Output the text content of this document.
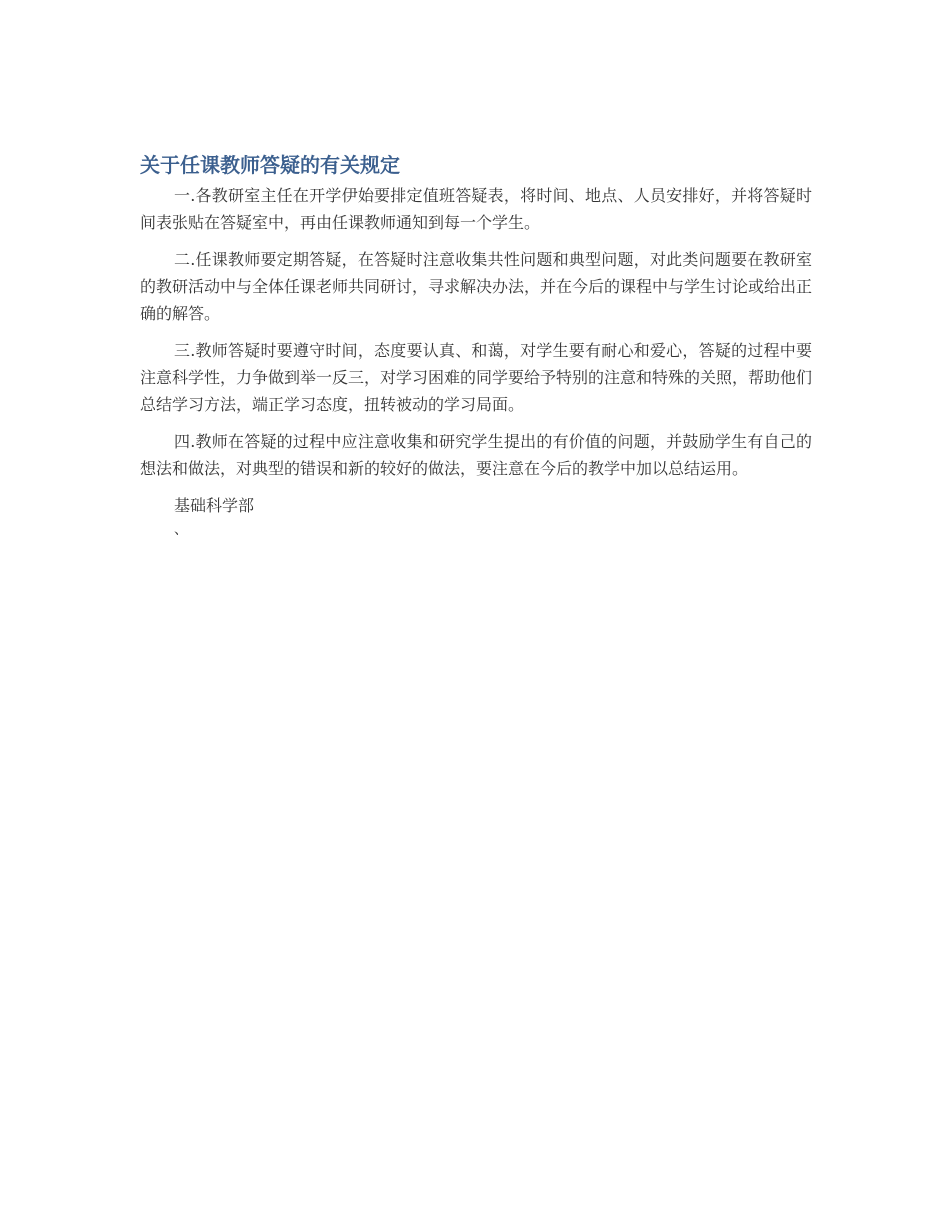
关于任课教师答疑的有关规定

一.各教研室主任在开学伊始要排定值班答疑表，将时间、地点、人员安排好，并将答疑时间表张贴在答疑室中，再由任课教师通知到每一个学生。

二.任课教师要定期答疑，在答疑时注意收集共性问题和典型问题，对此类问题要在教研室的教研活动中与全体任课老师共同研讨，寻求解决办法，并在今后的课程中与学生讨论或给出正确的解答。

三.教师答疑时要遵守时间，态度要认真、和蔼，对学生要有耐心和爱心，答疑的过程中要注意科学性，力争做到举一反三，对学习困难的同学要给予特别的注意和特殊的关照，帮助他们总结学习方法，端正学习态度，扭转被动的学习局面。

四.教师在答疑的过程中应注意收集和研究学生提出的有价值的问题，并鼓励学生有自己的想法和做法，对典型的错误和新的较好的做法，要注意在今后的教学中加以总结运用。

基础科学部

、
